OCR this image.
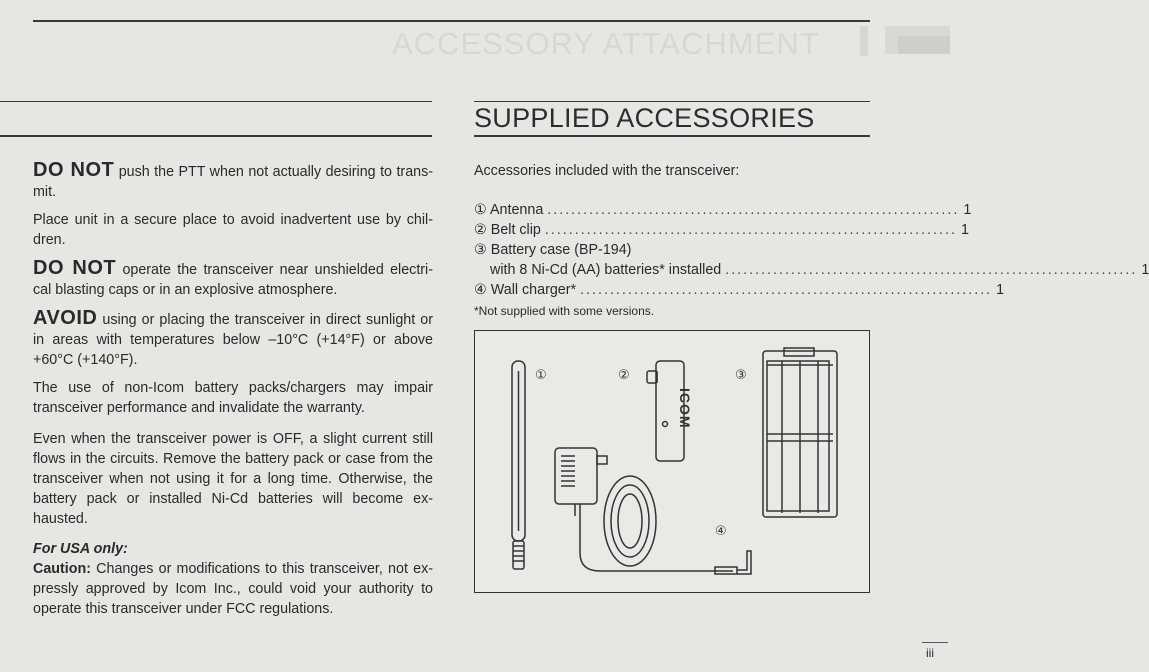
ACCESSORY ATTACHMENT

DO NOT push the PTT when not actually desiring to trans-mit.

Place unit in a secure place to avoid inadvertent use by chil-dren.

DO NOT operate the transceiver near unshielded electri-cal blasting caps or in an explosive atmosphere.

AVOID using or placing the transceiver in direct sunlight or in areas with temperatures below –10°C (+14°F) or above +60°C (+140°F).

The use of non-Icom battery packs/chargers may impair transceiver performance and invalidate the warranty.

Even when the transceiver power is OFF, a slight current still flows in the circuits. Remove the battery pack or case from the transceiver when not using it for a long time. Otherwise, the battery pack or installed Ni-Cd batteries will become ex-hausted.

For USA only:

Caution: Changes or modifications to this transceiver, not ex-pressly approved by Icom Inc., could void your authority to operate this transceiver under FCC regulations.

SUPPLIED ACCESSORIES
Accessories included with the transceiver:
① Antenna ..................................................................... 1
② Belt clip ..................................................................... 1
③ Battery case (BP-194)
with 8 Ni-Cd (AA) batteries* installed ..................................................................... 1
④ Wall charger* ..................................................................... 1
*Not supplied with some versions.
①	②	③
④
ICOM
iii
